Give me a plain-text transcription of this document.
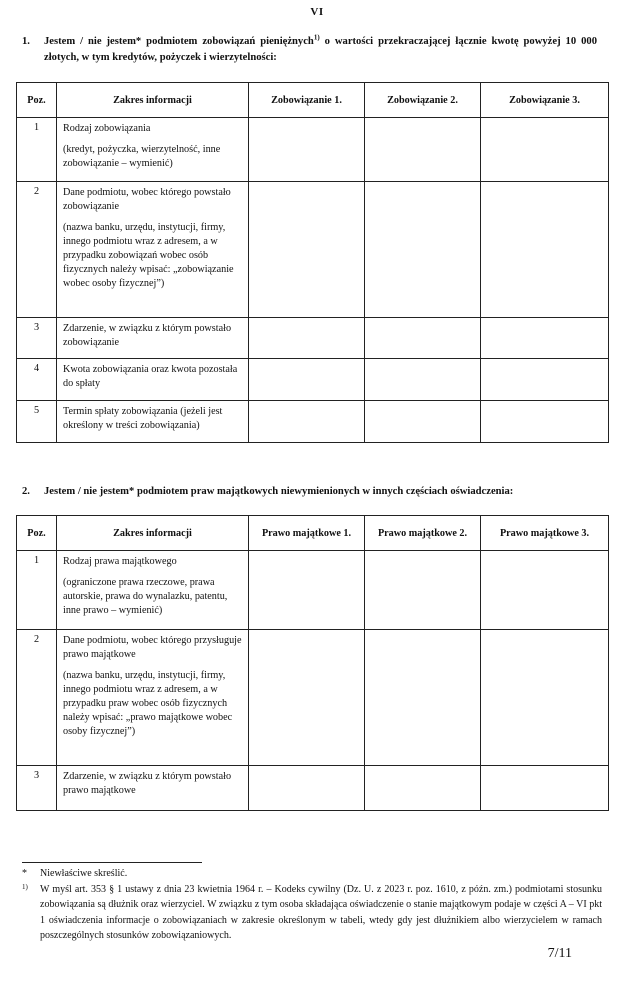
VI
1. Jestem / nie jestem* podmiotem zobowiązań pieniężnych$^{1)}$ o wartości przekraczającej łącznie kwotę powyżej 10 000 złotych, w tym kredytów, pożyczek i wierzytelności:
Poz.	Zakres informacji	Zobowiązanie 1.	Zobowiązanie 2.	Zobowiązanie 3.
1	Rodzaj zobowiązania

(kredyt, pożyczka, wierzytelność, inne zobowiązanie – wymienić)			

2	Dane podmiotu, wobec którego powstało zobowiązanie

(nazwa banku, urzędu, instytucji, firmy, innego podmiotu wraz z adresem, a w przypadku zobowiązań wobec osób fizycznych należy wpisać: „zobowiązanie wobec osoby fizycznej”)			

3	Zdarzenie, w związku z którym powstało zobowiązanie			

4	Kwota zobowiązania oraz kwota pozostała do spłaty			

5	Termin spłaty zobowiązania (jeżeli jest określony w treści zobowiązania)			

2. Jestem / nie jestem* podmiotem praw majątkowych niewymienionych w innych częściach oświadczenia:
Poz.	Zakres informacji	Prawo majątkowe 1.	Prawo majątkowe 2.	Prawo majątkowe 3.
1	Rodzaj prawa majątkowego

(ograniczone prawa rzeczowe, prawa autorskie, prawa do wynalazku, patentu, inne prawo – wymienić)			

2	Dane podmiotu, wobec którego przysługuje prawo majątkowe

(nazwa banku, urzędu, instytucji, firmy, innego podmiotu wraz z adresem, a w przypadku praw wobec osób fizycznych należy wpisać: „prawo majątkowe wobec osoby fizycznej”)			

3	Zdarzenie, w związku z którym powstało prawo majątkowe			

* Niewłaściwe skreślić.
1) W myśl art. 353 § 1 ustawy z dnia 23 kwietnia 1964 r. – Kodeks cywilny (Dz. U. z 2023 r. poz. 1610, z późn. zm.) podmiotami stosunku zobowiązania są dłużnik oraz wierzyciel. W związku z tym osoba składająca oświadczenie o stanie majątkowym podaje w części A – VI pkt 1 oświadczenia informacje o zobowiązaniach w zakresie określonym w tabeli, wtedy gdy jest dłużnikiem albo wierzycielem w ramach poszczególnych stosunków zobowiązaniowych.
7/11
